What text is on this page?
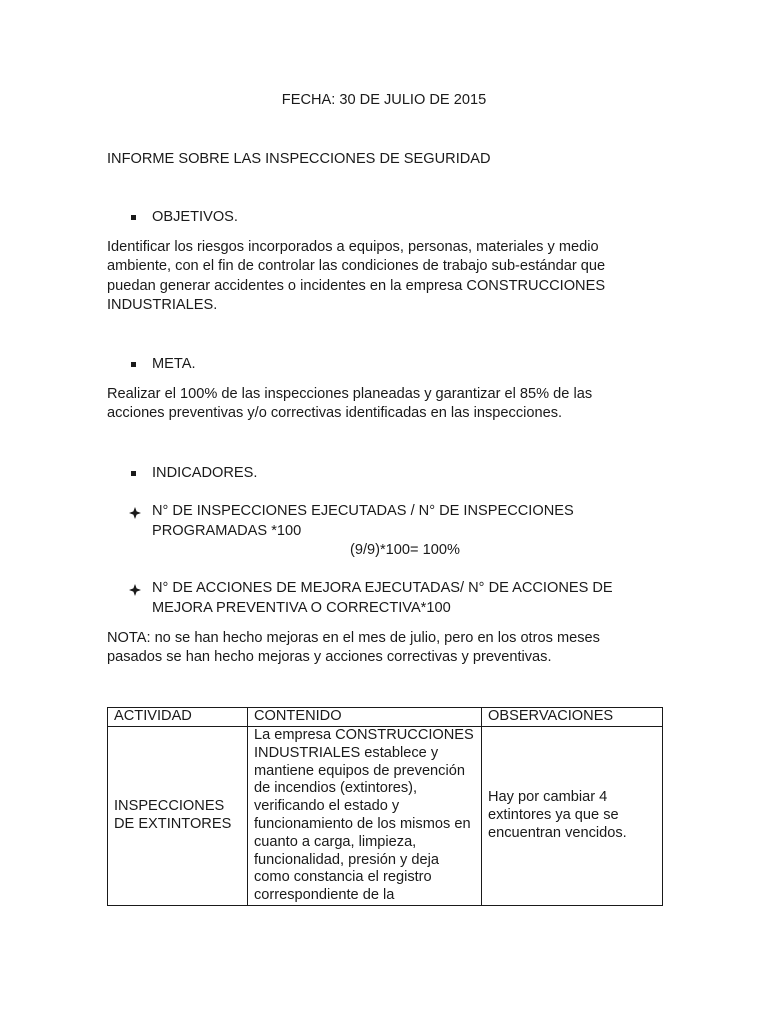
FECHA: 30 DE JULIO DE 2015
INFORME SOBRE LAS INSPECCIONES DE SEGURIDAD
OBJETIVOS.
Identificar los riesgos incorporados a equipos, personas, materiales y medio ambiente, con el fin de controlar las condiciones de trabajo sub-estándar que puedan generar accidentes o incidentes en la empresa CONSTRUCCIONES INDUSTRIALES.
META.
Realizar el 100% de las inspecciones planeadas y garantizar el 85% de las acciones preventivas y/o correctivas identificadas en las inspecciones.
INDICADORES.
N° DE INSPECCIONES EJECUTADAS / N° DE INSPECCIONES
PROGRAMADAS *100
(9/9)*100= 100%
N° DE ACCIONES DE MEJORA EJECUTADAS/ N° DE ACCIONES DE
MEJORA PREVENTIVA O CORRECTIVA*100
NOTA: no se han hecho mejoras en el mes de julio, pero en los otros meses pasados se han hecho mejoras y acciones correctivas y preventivas.
ACTIVIDAD	CONTENIDO	OBSERVACIONES
INSPECCIONES DE EXTINTORES	La empresa CONSTRUCCIONES INDUSTRIALES establece y mantiene equipos de prevención de incendios (extintores), verificando el estado y funcionamiento de los mismos en cuanto a carga, limpieza, funcionalidad, presión y deja como constancia el registro correspondiente de la	Hay por cambiar 4 extintores ya que se encuentran vencidos.
